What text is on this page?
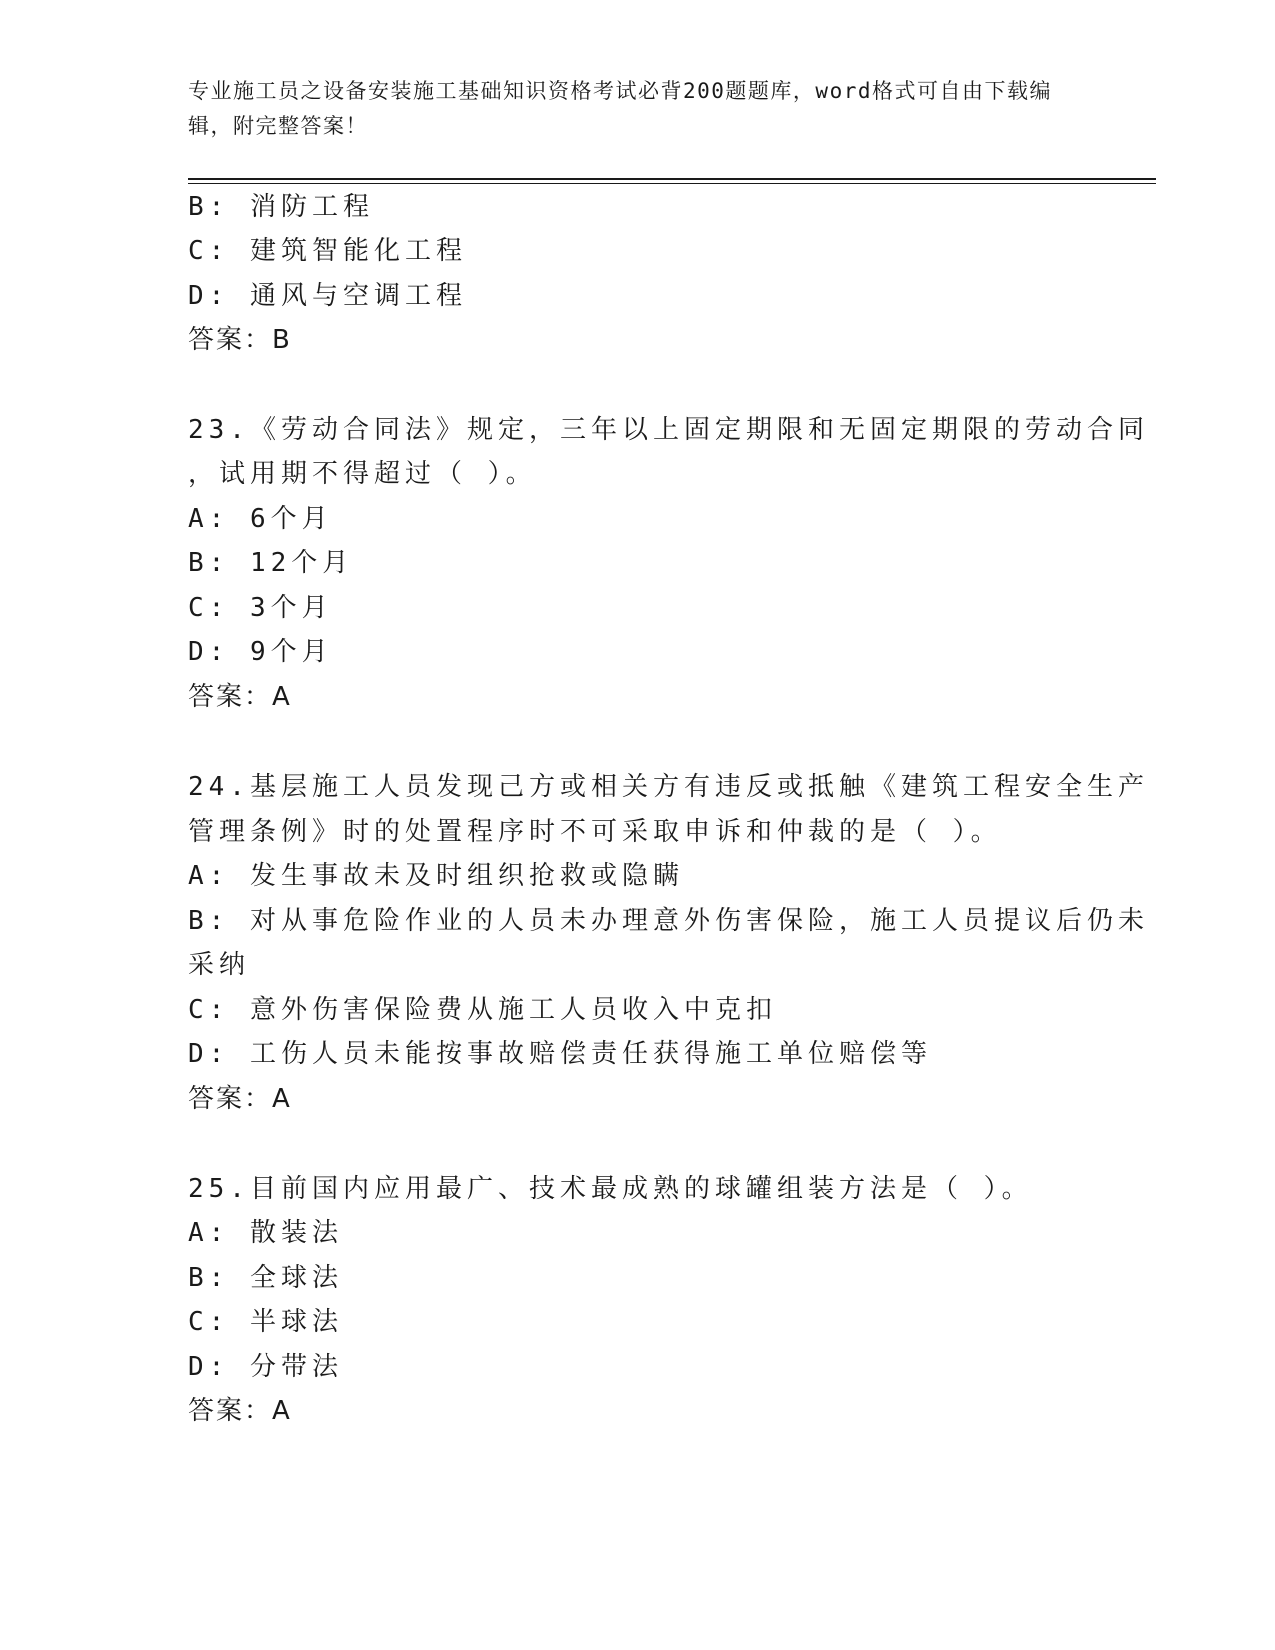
专业施工员之设备安装施工基础知识资格考试必背200题题库，word格式可自由下载编辑，附完整答案！
B: 消防工程
C: 建筑智能化工程
D: 通风与空调工程
答案：B
23.《劳动合同法》规定，三年以上固定期限和无固定期限的劳动合同
，试用期不得超过（ ）。
A: 6个月
B: 12个月
C: 3个月
D: 9个月
答案：A
24.基层施工人员发现己方或相关方有违反或抵触《建筑工程安全生产
管理条例》时的处置程序时不可采取申诉和仲裁的是（ ）。
A: 发生事故未及时组织抢救或隐瞒
B: 对从事危险作业的人员未办理意外伤害保险，施工人员提议后仍未
采纳
C: 意外伤害保险费从施工人员收入中克扣
D: 工伤人员未能按事故赔偿责任获得施工单位赔偿等
答案：A
25.目前国内应用最广、技术最成熟的球罐组装方法是（ ）。
A: 散装法
B: 全球法
C: 半球法
D: 分带法
答案：A
